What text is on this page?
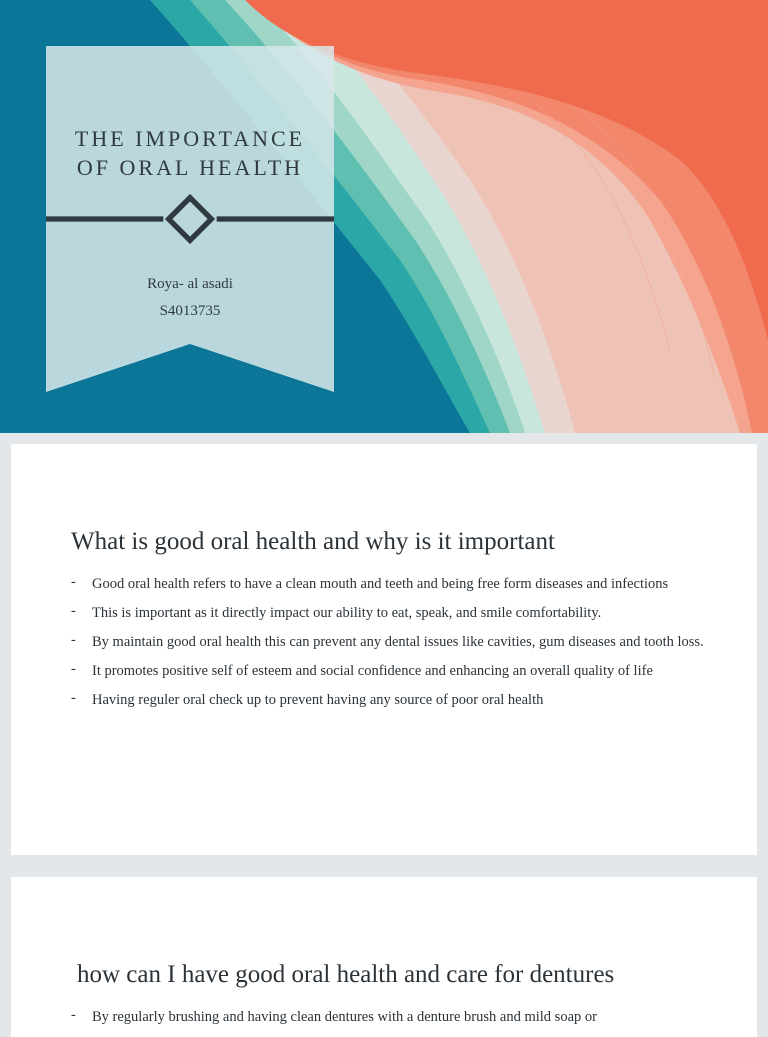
THE IMPORTANCE
OF ORAL HEALTH
Roya- al asadi
S4013735
What is good oral health and why is it important
- Good oral health refers to have a clean mouth and teeth and being free form diseases and infections
- This is important as it directly impact our ability to eat, speak, and smile comfortability.
- By maintain good oral health this can prevent any dental issues like cavities, gum diseases and tooth loss.
- It promotes positive self of esteem and social confidence and enhancing an overall quality of life
- Having reguler oral check up to prevent having any source of poor oral health
how can I have good oral health and care for dentures
- By regularly brushing and having clean dentures with a denture brush and mild soap or
